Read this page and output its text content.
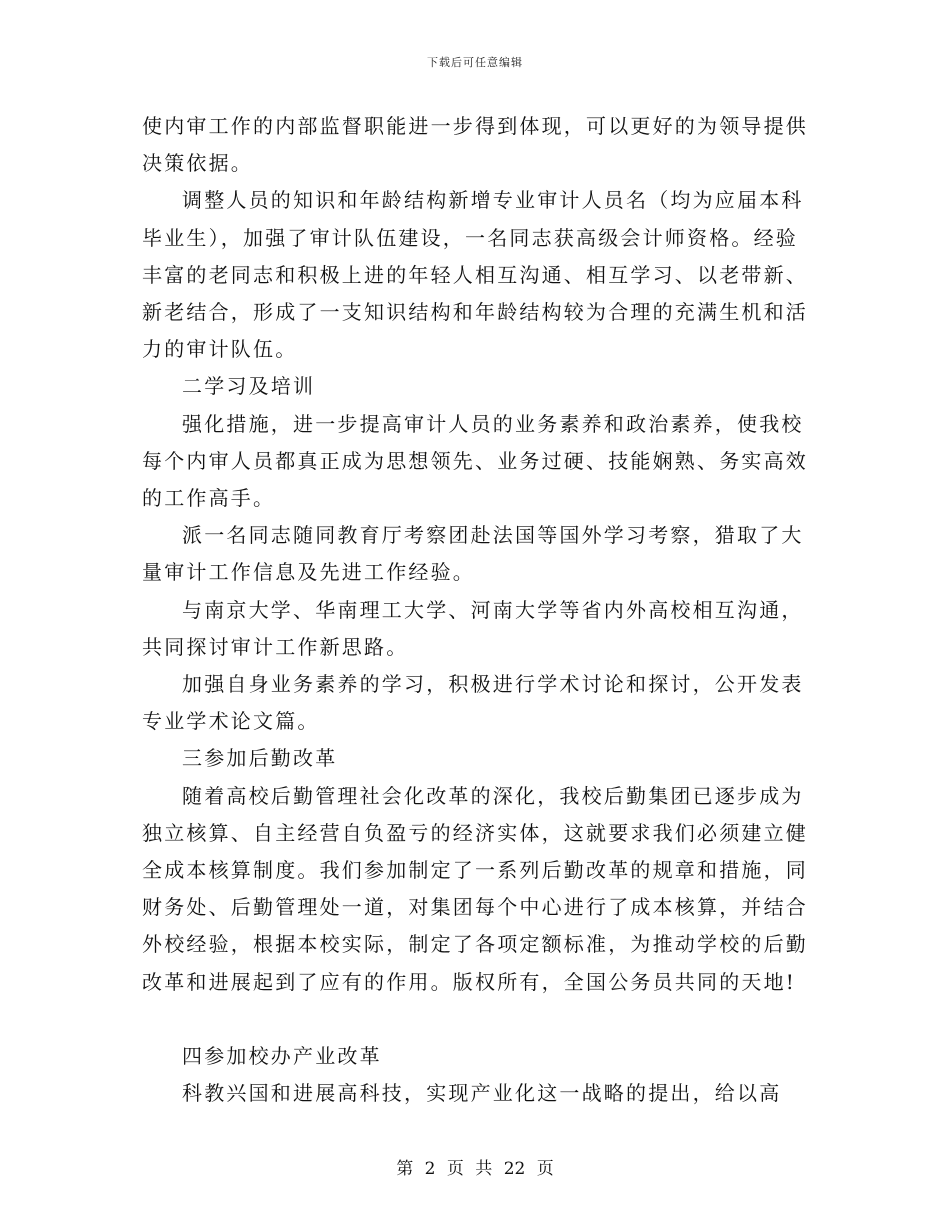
下载后可任意编辑

使内审工作的内部监督职能进一步得到体现，可以更好的为领导提供决策依据。

调整人员的知识和年龄结构新增专业审计人员名（均为应届本科毕业生），加强了审计队伍建设，一名同志获高级会计师资格。经验丰富的老同志和积极上进的年轻人相互沟通、相互学习、以老带新、新老结合，形成了一支知识结构和年龄结构较为合理的充满生机和活力的审计队伍。

二学习及培训

强化措施，进一步提高审计人员的业务素养和政治素养，使我校每个内审人员都真正成为思想领先、业务过硬、技能娴熟、务实高效的工作高手。

派一名同志随同教育厅考察团赴法国等国外学习考察，猎取了大量审计工作信息及先进工作经验。

与南京大学、华南理工大学、河南大学等省内外高校相互沟通，共同探讨审计工作新思路。

加强自身业务素养的学习，积极进行学术讨论和探讨，公开发表专业学术论文篇。

三参加后勤改革

随着高校后勤管理社会化改革的深化，我校后勤集团已逐步成为独立核算、自主经营自负盈亏的经济实体，这就要求我们必须建立健全成本核算制度。我们参加制定了一系列后勤改革的规章和措施，同财务处、后勤管理处一道，对集团每个中心进行了成本核算，并结合外校经验，根据本校实际，制定了各项定额标准，为推动学校的后勤改革和进展起到了应有的作用。版权所有，全国公务员共同的天地!

四参加校办产业改革

科教兴国和进展高科技，实现产业化这一战略的提出，给以高

第 2 页 共 22 页
